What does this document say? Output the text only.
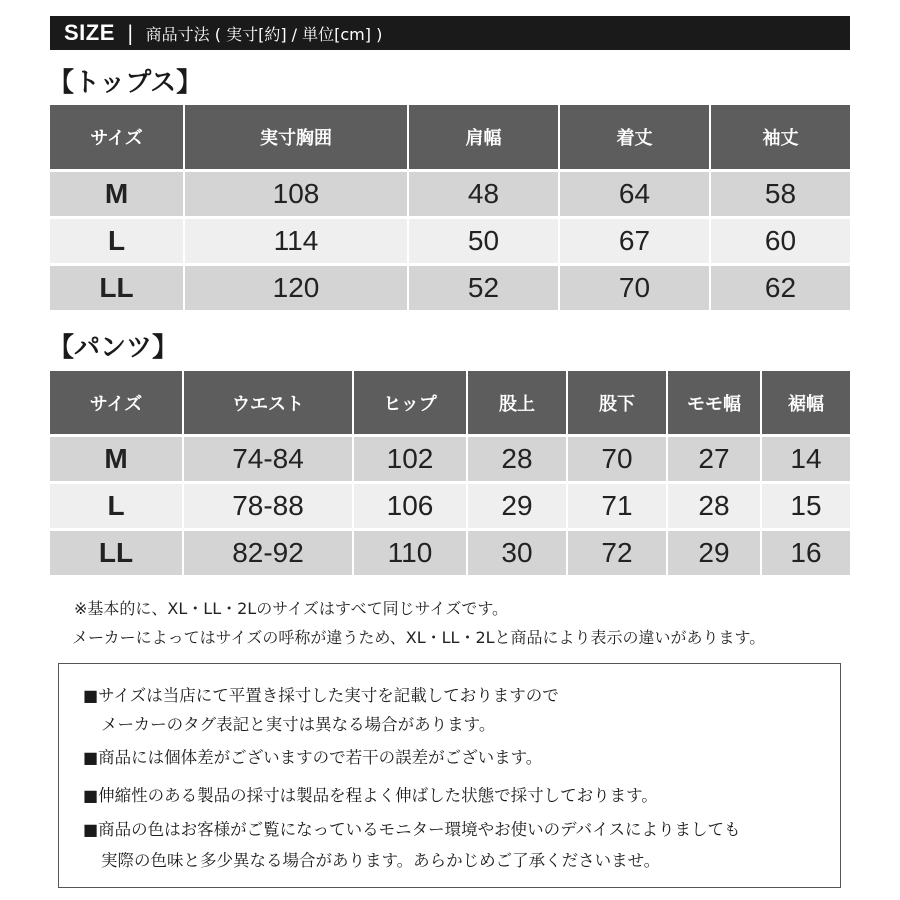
SIZE | 商品寸法 ( 実寸[約] / 単位[cm] )
【トップス】
サイズ	実寸胸囲	肩幅	着丈	袖丈
M	108	48	64	58
L	114	50	67	60
LL	120	52	70	62
【パンツ】
サイズ	ウエスト	ヒップ	股上	股下	モモ幅	裾幅
M	74-84	102	28	70	27	14
L	78-88	106	29	71	28	15
LL	82-92	110	30	72	29	16
※基本的に、XL・LL・2Lのサイズはすべて同じサイズです。
メーカーによってはサイズの呼称が違うため、XL・LL・2Lと商品により表示の違いがあります。
■サイズは当店にて平置き採寸した実寸を記載しておりますので
メーカーのタグ表記と実寸は異なる場合があります。
■商品には個体差がございますので若干の誤差がございます。
■伸縮性のある製品の採寸は製品を程よく伸ばした状態で採寸しております。
■商品の色はお客様がご覧になっているモニター環境やお使いのデバイスによりましても
実際の色味と多少異なる場合があります。あらかじめご了承くださいませ。
